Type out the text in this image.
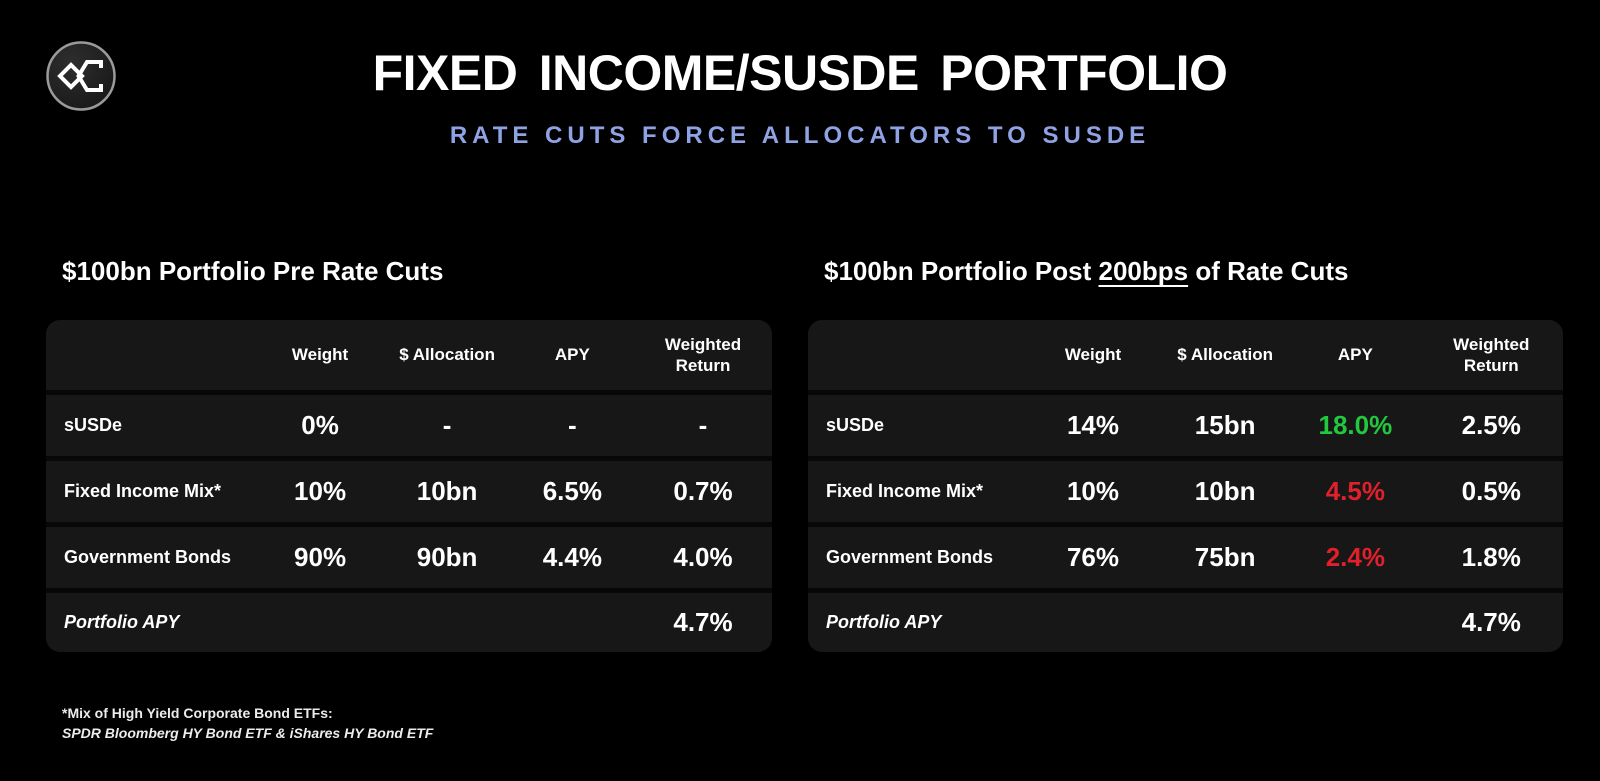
FIXED INCOME/SUSDE PORTFOLIO
RATE CUTS FORCE ALLOCATORS TO SUSDE
$100bn Portfolio Pre Rate Cuts
	Weight	$ Allocation	APY	Weighted Return
sUSDe	0%	-	-	-
Fixed Income Mix*	10%	10bn	6.5%	0.7%
Government Bonds	90%	90bn	4.4%	4.0%
Portfolio APY				4.7%
$100bn Portfolio Post 200bps of Rate Cuts
	Weight	$ Allocation	APY	Weighted Return
sUSDe	14%	15bn	18.0%	2.5%
Fixed Income Mix*	10%	10bn	4.5%	0.5%
Government Bonds	76%	75bn	2.4%	1.8%
Portfolio APY				4.7%
*Mix of High Yield Corporate Bond ETFs:
SPDR Bloomberg HY Bond ETF & iShares HY Bond ETF
